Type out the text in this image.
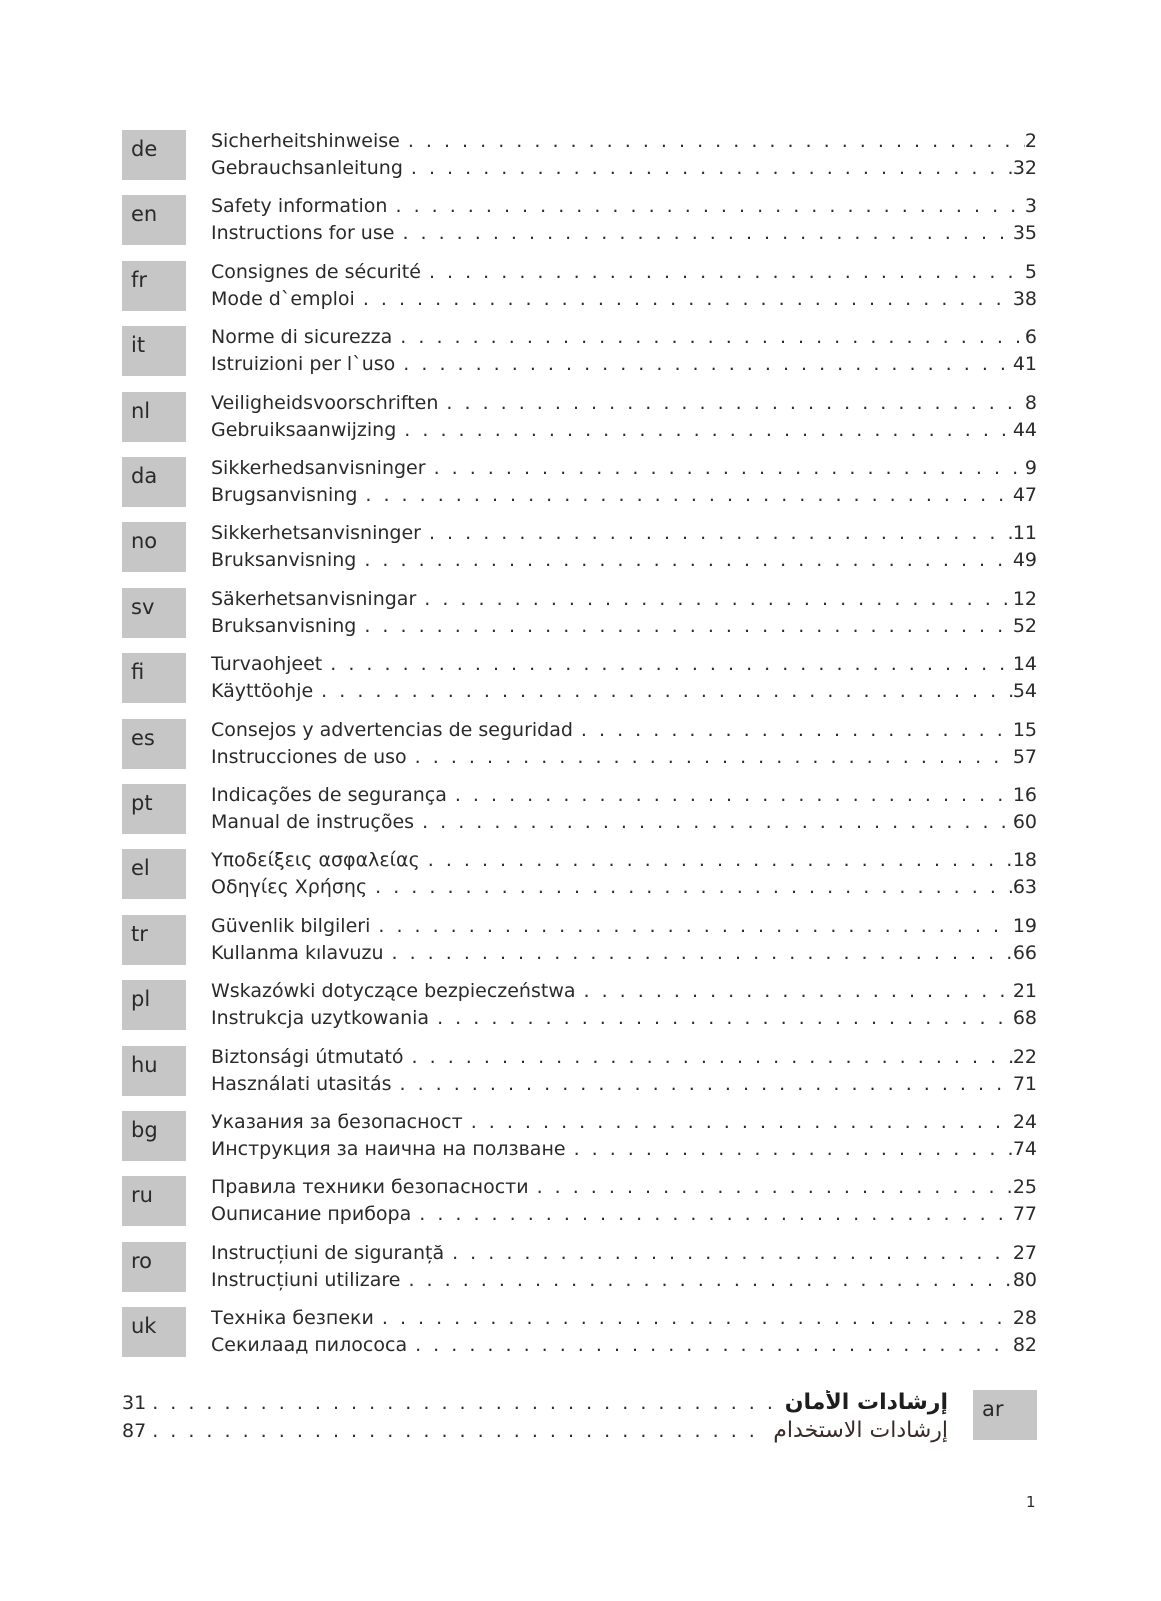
de	Sicherheitshinweise . . .	2
Gebrauchsanleitung . . .	32
en	Safety information . . .	3
Instructions for use . . .	35
fr	Consignes de sécurité . . .	5
Mode d`emploi . . .	38
it	Norme di sicurezza . . .	6
Istruizioni per l`uso . . .	41
nl	Veiligheidsvoorschriften . . .	8
Gebruiksaanwijzing . . .	44
da	Sikkerhedsanvisninger . . .	9
Brugsanvisning . . .	47
no	Sikkerhetsanvisninger . . .	11
Bruksanvisning . . .	49
sv	Säkerhetsanvisningar . . .	12
Bruksanvisning . . .	52
fi	Turvaohjeet . . .	14
Käyttöohje . . .	54
es	Consejos y advertencias de seguridad . . .	15
Instrucciones de uso . . .	57
pt	Indicações de segurança . . .	16
Manual de instruções . . .	60
el	Υποδείξεις ασφαλείας . . .	18
Οδηγίες Χρήσης . . .	63
tr	Güvenlik bilgileri . . .	19
Kullanma kılavuzu . . .	66
pl	Wskazówki dotyczące bezpieczeństwa . . .	21
Instrukcja uzytkowania . . .	68
hu	Biztonsági útmutató . . .	22
Használati utasitás . . .	71
bg	Указания за безопасност . . .	24
Инструкция за наична на ползване . . .	74
ru	Правила техники безопасности . . .	25
Оuписание прибора . . .	77
ro	Instrucțiuni de siguranță . . .	27
Instrucțiuni utilizare . . .	80
uk	Техніка безпеки . . .	28
Секилаад пилососа . . .	82
31 . . .	إرشادات الأمان
87 . . .	إرشادات الاستخدام
ar
1
